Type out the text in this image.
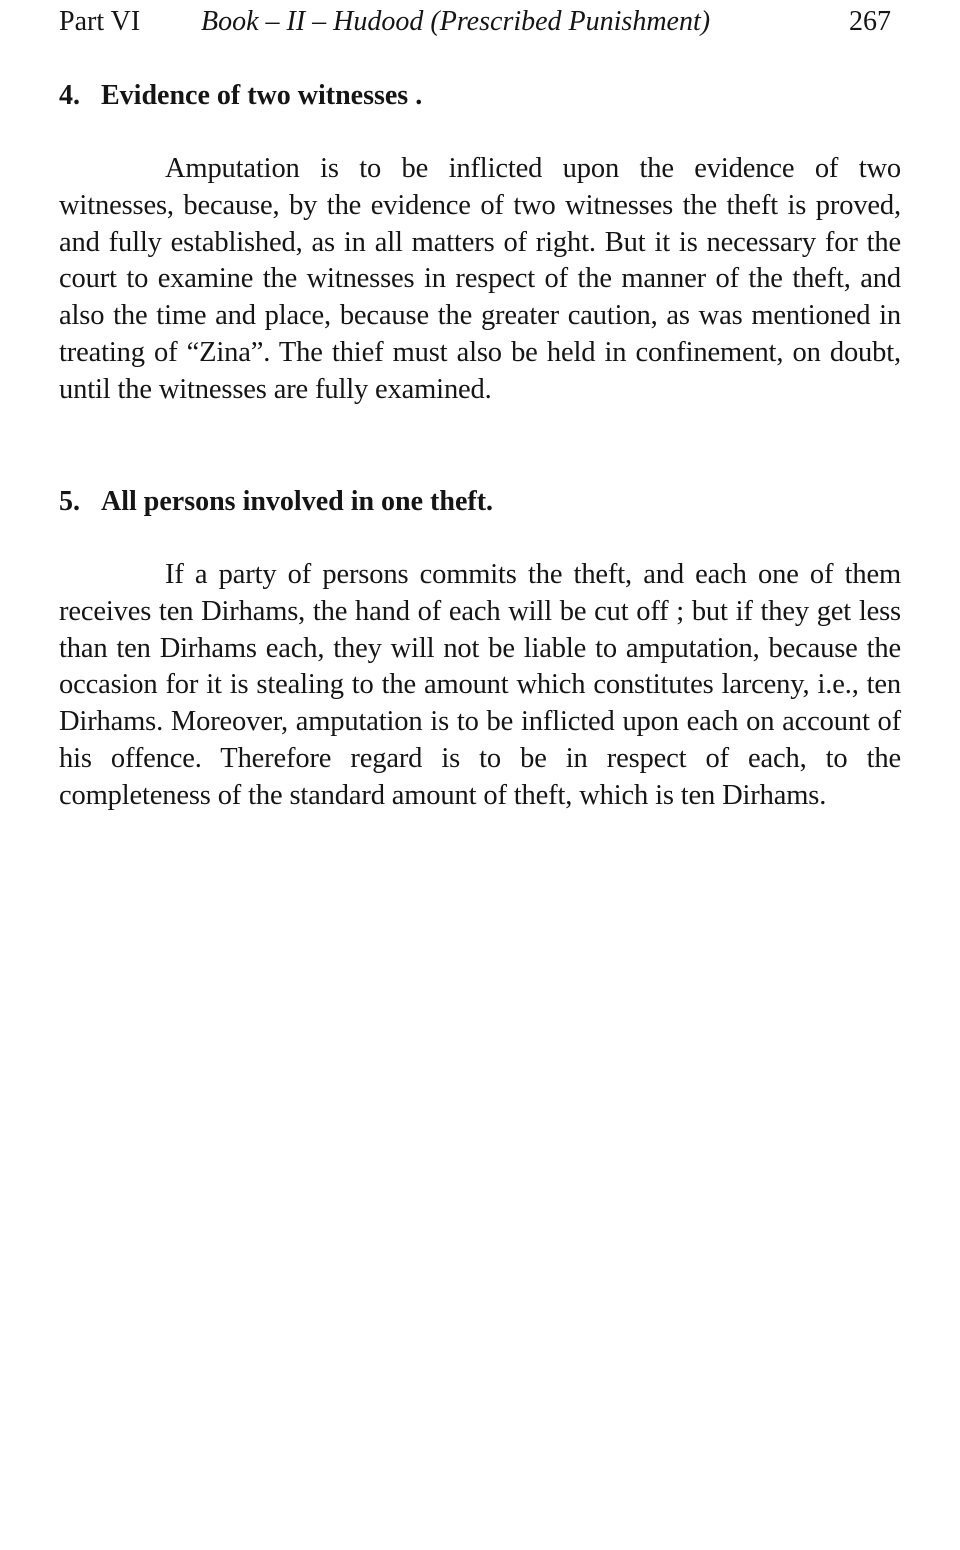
Part VI Book – II – Hudood (Prescribed Punishment)	267
4. Evidence of two witnesses .

Amputation is to be inflicted upon the evidence of two witnesses, because, by the evidence of two witnesses the theft is proved, and fully established, as in all matters of right. But it is necessary for the court to examine the witnesses in respect of the manner of the theft, and also the time and place, because the greater caution, as was mentioned in treating of “Zina”. The thief must also be held in confinement, on doubt, until the witnesses are fully examined.

5. All persons involved in one theft.

If a party of persons commits the theft, and each one of them receives ten Dirhams, the hand of each will be cut off ; but if they get less than ten Dirhams each, they will not be liable to amputation, because the occasion for it is stealing to the amount which constitutes larceny, i.e., ten Dirhams. Moreover, amputation is to be inflicted upon each on account of his offence. Therefore regard is to be in respect of each, to the completeness of the standard amount of theft, which is ten Dirhams.
